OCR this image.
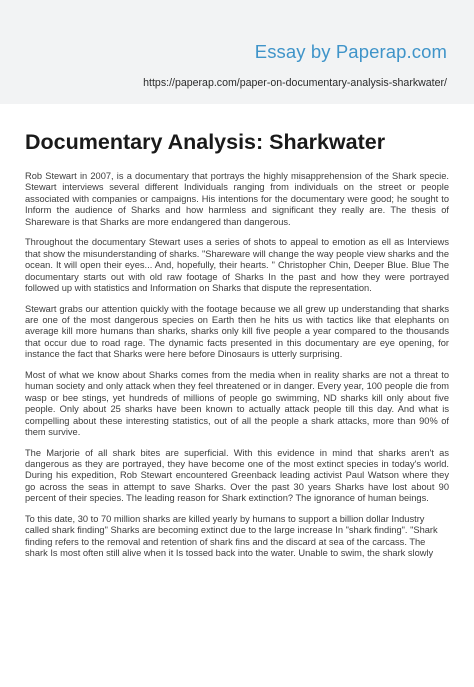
Essay by Paperap.com
https://paperap.com/paper-on-documentary-analysis-sharkwater/
Documentary Analysis: Sharkwater

Rob Stewart in 2007, is a documentary that portrays the highly misapprehension of the Shark specie. Stewart interviews several different Individuals ranging from individuals on the street or people associated with companies or campaigns. His intentions for the documentary were good; he sought to Inform the audience of Sharks and how harmless and significant they really are. The thesis of Shareware is that Sharks are more endangered than dangerous.

Throughout the documentary Stewart uses a series of shots to appeal to emotion as ell as Interviews that show the misunderstanding of sharks. "Shareware will change the way people view sharks and the ocean. It will open their eyes... And, hopefully, their hearts. " Christopher Chin, Deeper Blue. Blue The documentary starts out with old raw footage of Sharks In the past and how they were portrayed followed up with statistics and Information on Sharks that dispute the representation.

Stewart grabs our attention quickly with the footage because we all grew up understanding that sharks are one of the most dangerous species on Earth then he hits us with tactics like that elephants on average kill more humans than sharks, sharks only kill five people a year compared to the thousands that occur due to road rage. The dynamic facts presented in this documentary are eye opening, for instance the fact that Sharks were here before Dinosaurs is utterly surprising.

Most of what we know about Sharks comes from the media when in reality sharks are not a threat to human society and only attack when they feel threatened or in danger. Every year, 100 people die from wasp or bee stings, yet hundreds of millions of people go swimming, ND sharks kill only about five people. Only about 25 sharks have been known to actually attack people till this day. And what is compelling about these interesting statistics, out of all the people a shark attacks, more than 90% of them survive.

The Marjorie of all shark bites are superficial. With this evidence in mind that sharks aren't as dangerous as they are portrayed, they have become one of the most extinct species in today's world. During his expedition, Rob Stewart encountered Greenback leading activist Paul Watson where they go across the seas in attempt to save Sharks. Over the past 30 years Sharks have lost about 90 percent of their species. The leading reason for Shark extinction? The ignorance of human beings.

To this date, 30 to 70 million sharks are killed yearly by humans to support a billion dollar Industry called shark finding" Sharks are becoming extinct due to the large increase In "shark finding". "Shark finding refers to the removal and retention of shark fins and the discard at sea of the carcass. The shark Is most often still alive when it Is tossed back into the water. Unable to swim, the shark slowly
